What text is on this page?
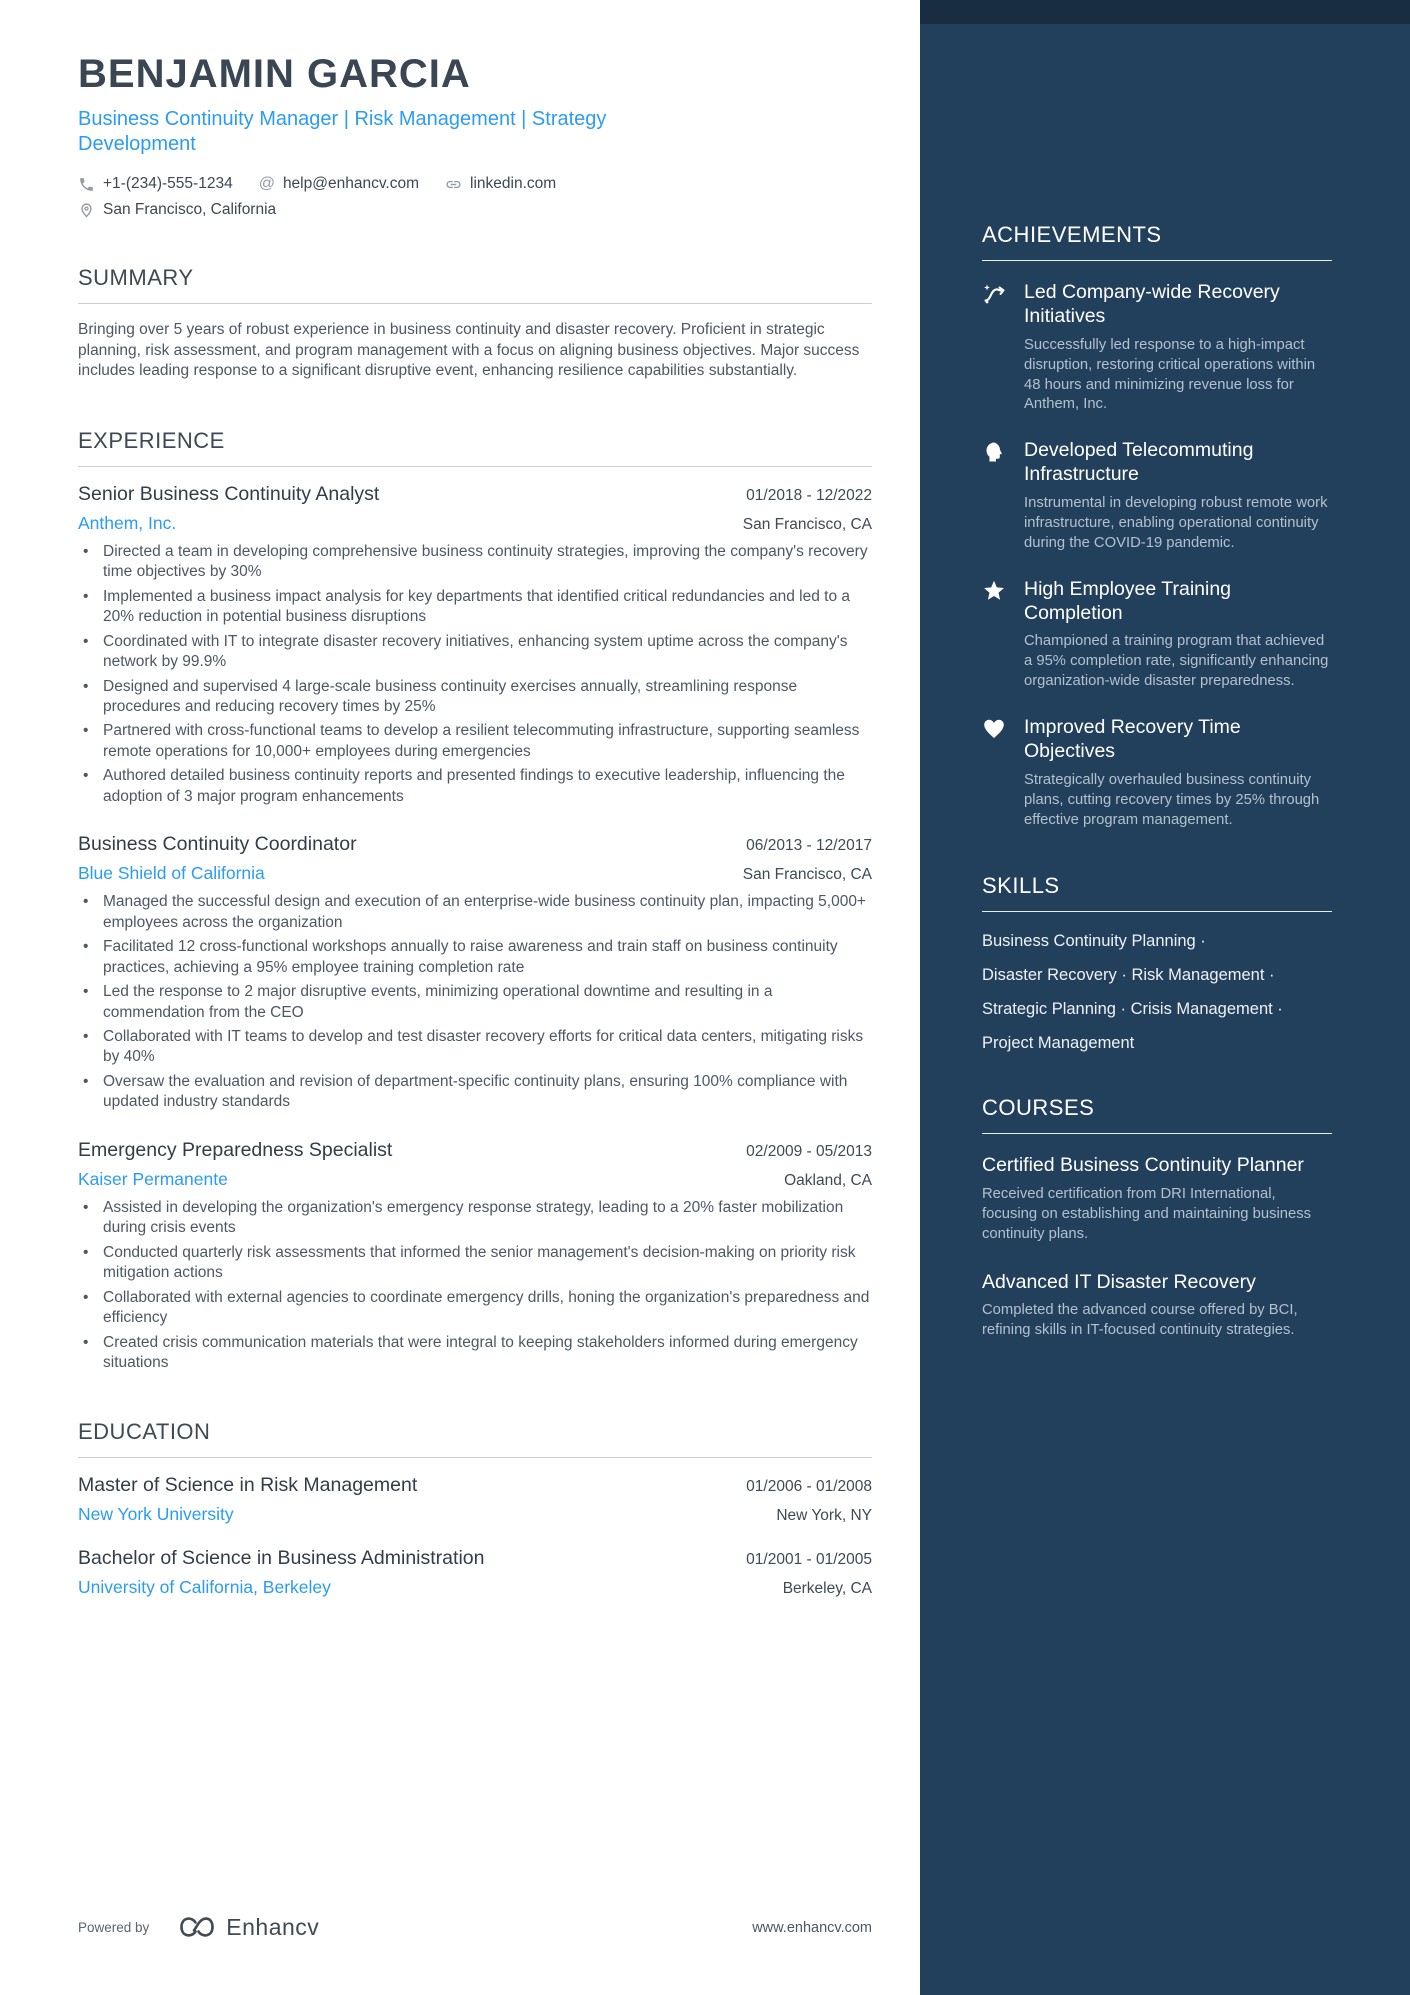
BENJAMIN GARCIA
Business Continuity Manager | Risk Management | Strategy Development
+1-(234)-555-1234 @ help@enhancv.com	linkedin.com
San Francisco, California
SUMMARY

Bringing over 5 years of robust experience in business continuity and disaster recovery. Proficient in strategic planning, risk assessment, and program management with a focus on aligning business objectives. Major success includes leading response to a significant disruptive event, enhancing resilience capabilities substantially.

EXPERIENCE
Senior Business Continuity Analyst	01/2018 - 12/2022
Anthem, Inc.	San Francisco, CA
• Directed a team in developing comprehensive business continuity strategies, improving the company's recovery time objectives by 30%
• Implemented a business impact analysis for key departments that identified critical redundancies and led to a 20% reduction in potential business disruptions
• Coordinated with IT to integrate disaster recovery initiatives, enhancing system uptime across the company's network by 99.9%
• Designed and supervised 4 large-scale business continuity exercises annually, streamlining response procedures and reducing recovery times by 25%
• Partnered with cross-functional teams to develop a resilient telecommuting infrastructure, supporting seamless remote operations for 10,000+ employees during emergencies
• Authored detailed business continuity reports and presented findings to executive leadership, influencing the adoption of 3 major program enhancements
Business Continuity Coordinator	06/2013 - 12/2017
Blue Shield of California	San Francisco, CA
• Managed the successful design and execution of an enterprise-wide business continuity plan, impacting 5,000+ employees across the organization
• Facilitated 12 cross-functional workshops annually to raise awareness and train staff on business continuity practices, achieving a 95% employee training completion rate
• Led the response to 2 major disruptive events, minimizing operational downtime and resulting in a commendation from the CEO
• Collaborated with IT teams to develop and test disaster recovery efforts for critical data centers, mitigating risks by 40%
• Oversaw the evaluation and revision of department-specific continuity plans, ensuring 100% compliance with updated industry standards
Emergency Preparedness Specialist	02/2009 - 05/2013
Kaiser Permanente	Oakland, CA
• Assisted in developing the organization's emergency response strategy, leading to a 20% faster mobilization during crisis events
• Conducted quarterly risk assessments that informed the senior management's decision-making on priority risk mitigation actions
• Collaborated with external agencies to coordinate emergency drills, honing the organization's preparedness and efficiency
• Created crisis communication materials that were integral to keeping stakeholders informed during emergency situations
EDUCATION
Master of Science in Risk Management	01/2006 - 01/2008
New York University	New York, NY
Bachelor of Science in Business Administration	01/2001 - 01/2005
University of California, Berkeley	Berkeley, CA
Powered by	Enhancv	www.enhancv.com
ACHIEVEMENTS
Led Company-wide Recovery Initiatives
Successfully led response to a high-impact disruption, restoring critical operations within 48 hours and minimizing revenue loss for Anthem, Inc.
Developed Telecommuting Infrastructure
Instrumental in developing robust remote work infrastructure, enabling operational continuity during the COVID-19 pandemic.
High Employee Training Completion
Championed a training program that achieved a 95% completion rate, significantly enhancing organization-wide disaster preparedness.
Improved Recovery Time Objectives
Strategically overhauled business continuity plans, cutting recovery times by 25% through effective program management.
SKILLS
Business Continuity Planning ·
Disaster Recovery · Risk Management ·
Strategic Planning · Crisis Management ·
Project Management
COURSES
Certified Business Continuity Planner
Received certification from DRI International, focusing on establishing and maintaining business continuity plans.
Advanced IT Disaster Recovery
Completed the advanced course offered by BCI, refining skills in IT-focused continuity strategies.
